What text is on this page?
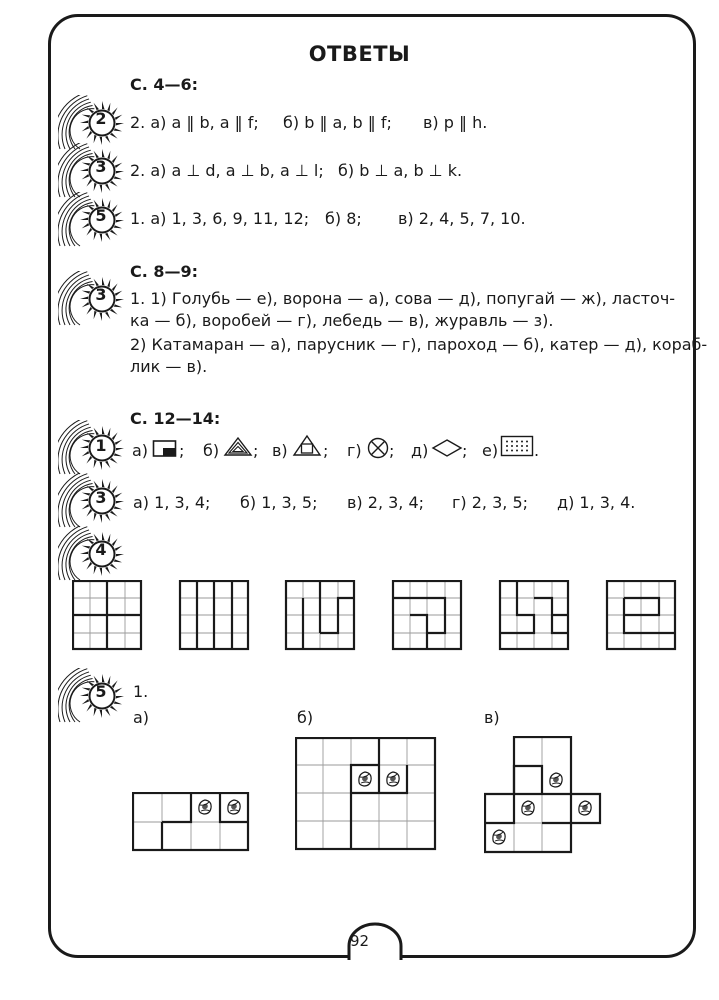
92
ОТВЕТЫ
С. 4—6:
2	2. а) a ‖ b, a ‖ f; б) b ‖ a, b ‖ f; в) p ‖ h.
3	2. а) a ⊥ d, a ⊥ b, a ⊥ l; б) b ⊥ a, b ⊥ k.
5	1. а) 1, 3, 6, 9, 11, 12; б) 8; в) 2, 4, 5, 7, 10.
С. 8—9:
3	1. 1) Голубь — е), ворона — а), сова — д), попугай — ж), ласточ-
ка — б), воробей — г), лебедь — в), журавль — з).
2) Катамаран — а), парусник — г), пароход — б), катер — д), кораб-
лик — в).
С. 12—14:
1	а) ; б) ; в) ; г) ; д) ; е) .
3	а) 1, 3, 4; б) 1, 3, 5; в) 2, 3, 4; г) 2, 3, 5; д) 1, 3, 4.
4
5	1.
а)	б)	в)
